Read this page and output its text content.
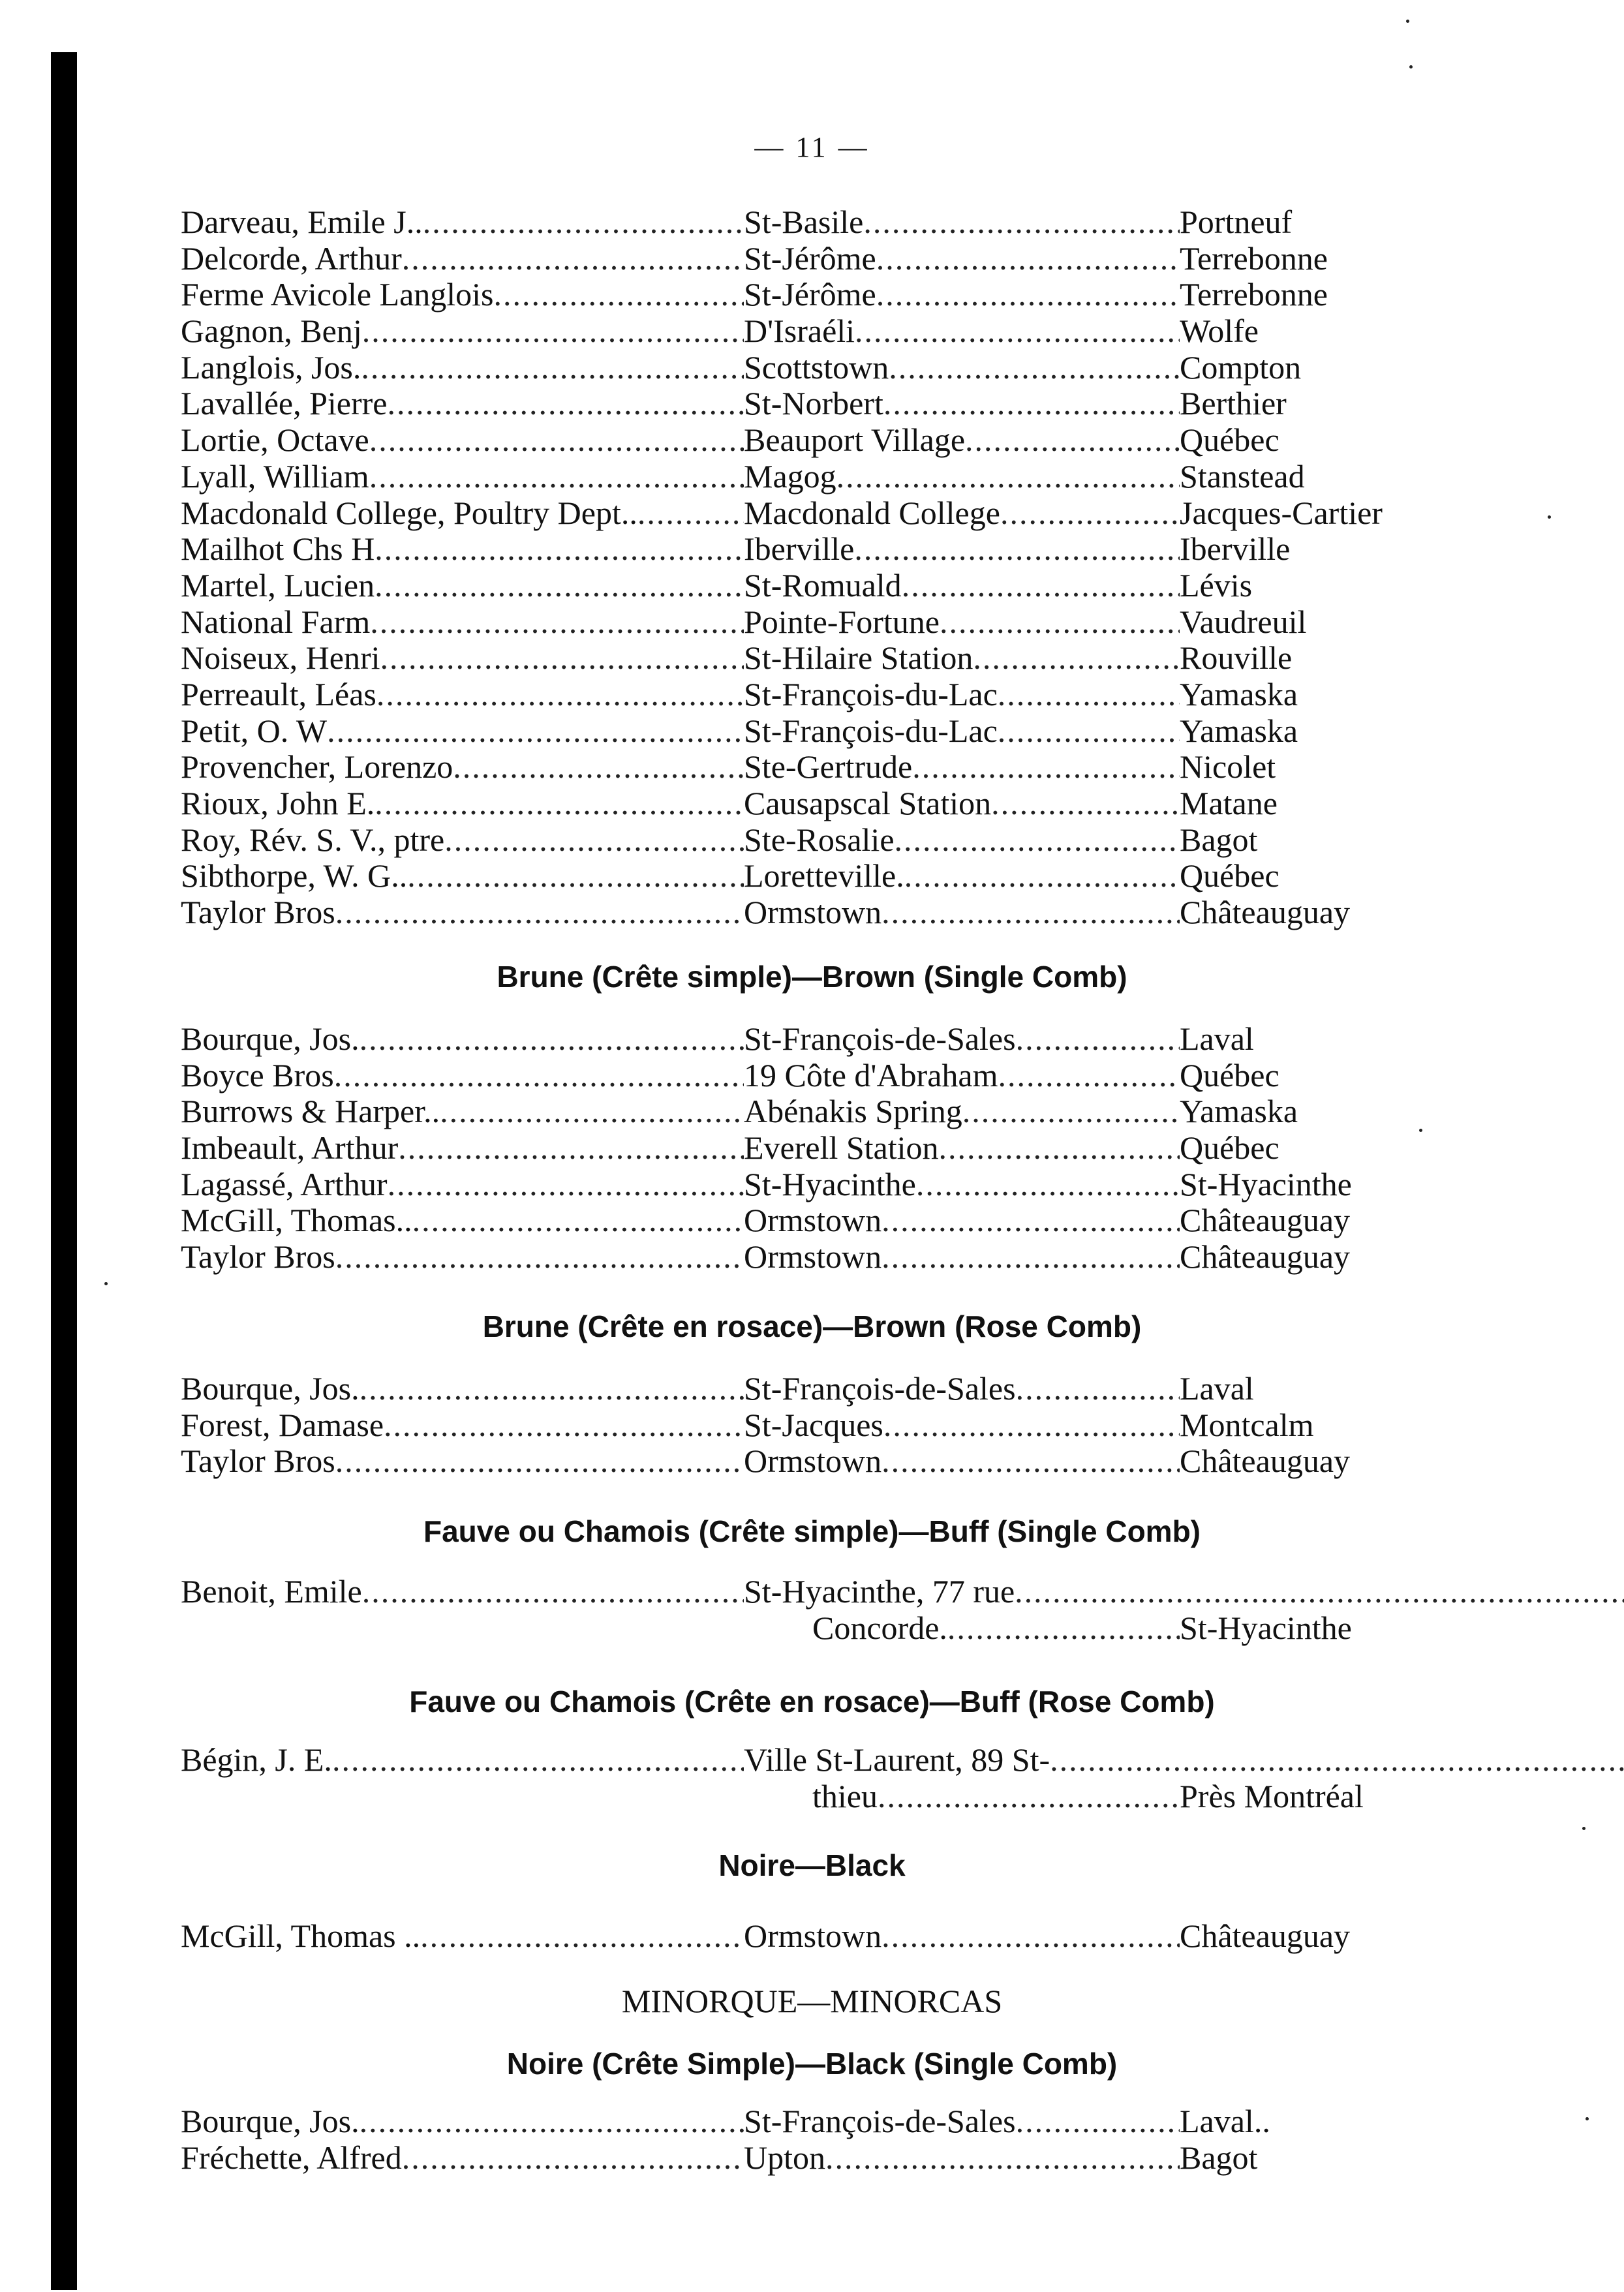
— 11 —
Darveau, Emile J.. .....	St-Basile .....	Portneuf
Delcorde, Arthur .....	St-Jérôme .....	Terrebonne
Ferme Avicole Langlois .....	St-Jérôme .....	Terrebonne
Gagnon, Benj .....	D'Israéli .....	Wolfe
Langlois, Jos. .....	Scottstown .....	Compton
Lavallée, Pierre .....	St-Norbert .....	Berthier
Lortie, Octave .....	Beauport Village .....	Québec
Lyall, William .....	Magog .....	Stanstead
Macdonald College, Poultry Dept.. .....	Macdonald College .....	Jacques-Cartier
Mailhot Chs H .....	Iberville .....	Iberville
Martel, Lucien .....	St-Romuald .....	Lévis
National Farm .....	Pointe-Fortune .....	Vaudreuil
Noiseux, Henri .....	St-Hilaire Station .....	Rouville
Perreault, Léas .....	St-François-du-Lac .....	Yamaska
Petit, O. W .....	St-François-du-Lac .....	Yamaska
Provencher, Lorenzo .....	Ste-Gertrude .....	Nicolet
Rioux, John E. .....	Causapscal Station .....	Matane
Roy, Rév. S. V., ptre .....	Ste-Rosalie .....	Bagot
Sibthorpe, W. G.. .....	Loretteville. .....	Québec
Taylor Bros .....	Ormstown .....	Châteauguay
Brune (Crête simple)—Brown (Single Comb)
Bourque, Jos. .....	St-François-de-Sales .....	Laval
Boyce Bros .....	19 Côte d'Abraham .....	Québec
Burrows & Harper.. .....	Abénakis Spring .....	Yamaska
Imbeault, Arthur .....	Everell Station .....	Québec
Lagassé, Arthur .....	St-Hyacinthe .....	St-Hyacinthe
McGill, Thomas.. .....	Ormstown .....	Châteauguay
Taylor Bros .....	Ormstown .....	Châteauguay
Brune (Crête en rosace)—Brown (Rose Comb)
Bourque, Jos. .....	St-François-de-Sales .....	Laval
Forest, Damase .....	St-Jacques .....	Montcalm
Taylor Bros .....	Ormstown .....	Châteauguay
Fauve ou Chamois (Crête simple)—Buff (Single Comb)
Benoit, Emile .....	St-Hyacinthe, 77 rue .....
Concorde. .....	St-Hyacinthe
Fauve ou Chamois (Crête en rosace)—Buff (Rose Comb)
Bégin, J. E. .....	Ville St-Laurent, 89 St- .....
thieu .....	Près Montréal
Noire—Black
McGill, Thomas .. .....	Ormstown .....	Châteauguay
MINORQUE—MINORCAS
Noire (Crête Simple)—Black (Single Comb)
Bourque, Jos. .....	St-François-de-Sales .....	Laval..
Fréchette, Alfred .....	Upton .....	Bagot
